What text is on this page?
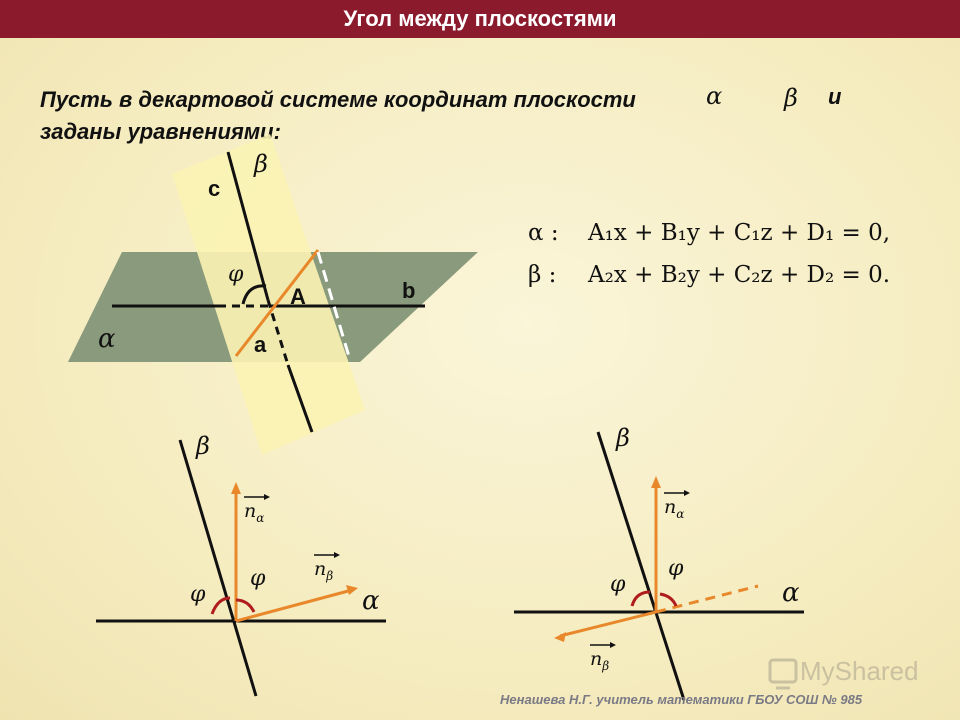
Угол между плоскостями
Пусть в декартовой системе координат плоскости
заданы уравнениями:
α	β и
β
c
φ
A	b
a
α
α : A₁x + B₁y + C₁z + D₁ = 0,
β : A₂x + B₂y + C₂z + D₂ = 0.
β
$n_\alpha$
$n_\beta$
φ
φ
α
β
$n_\alpha$
φ
φ
α
$n_\beta$	MyShared
Ненашева Н.Г. учитель математики ГБОУ СОШ № 985
